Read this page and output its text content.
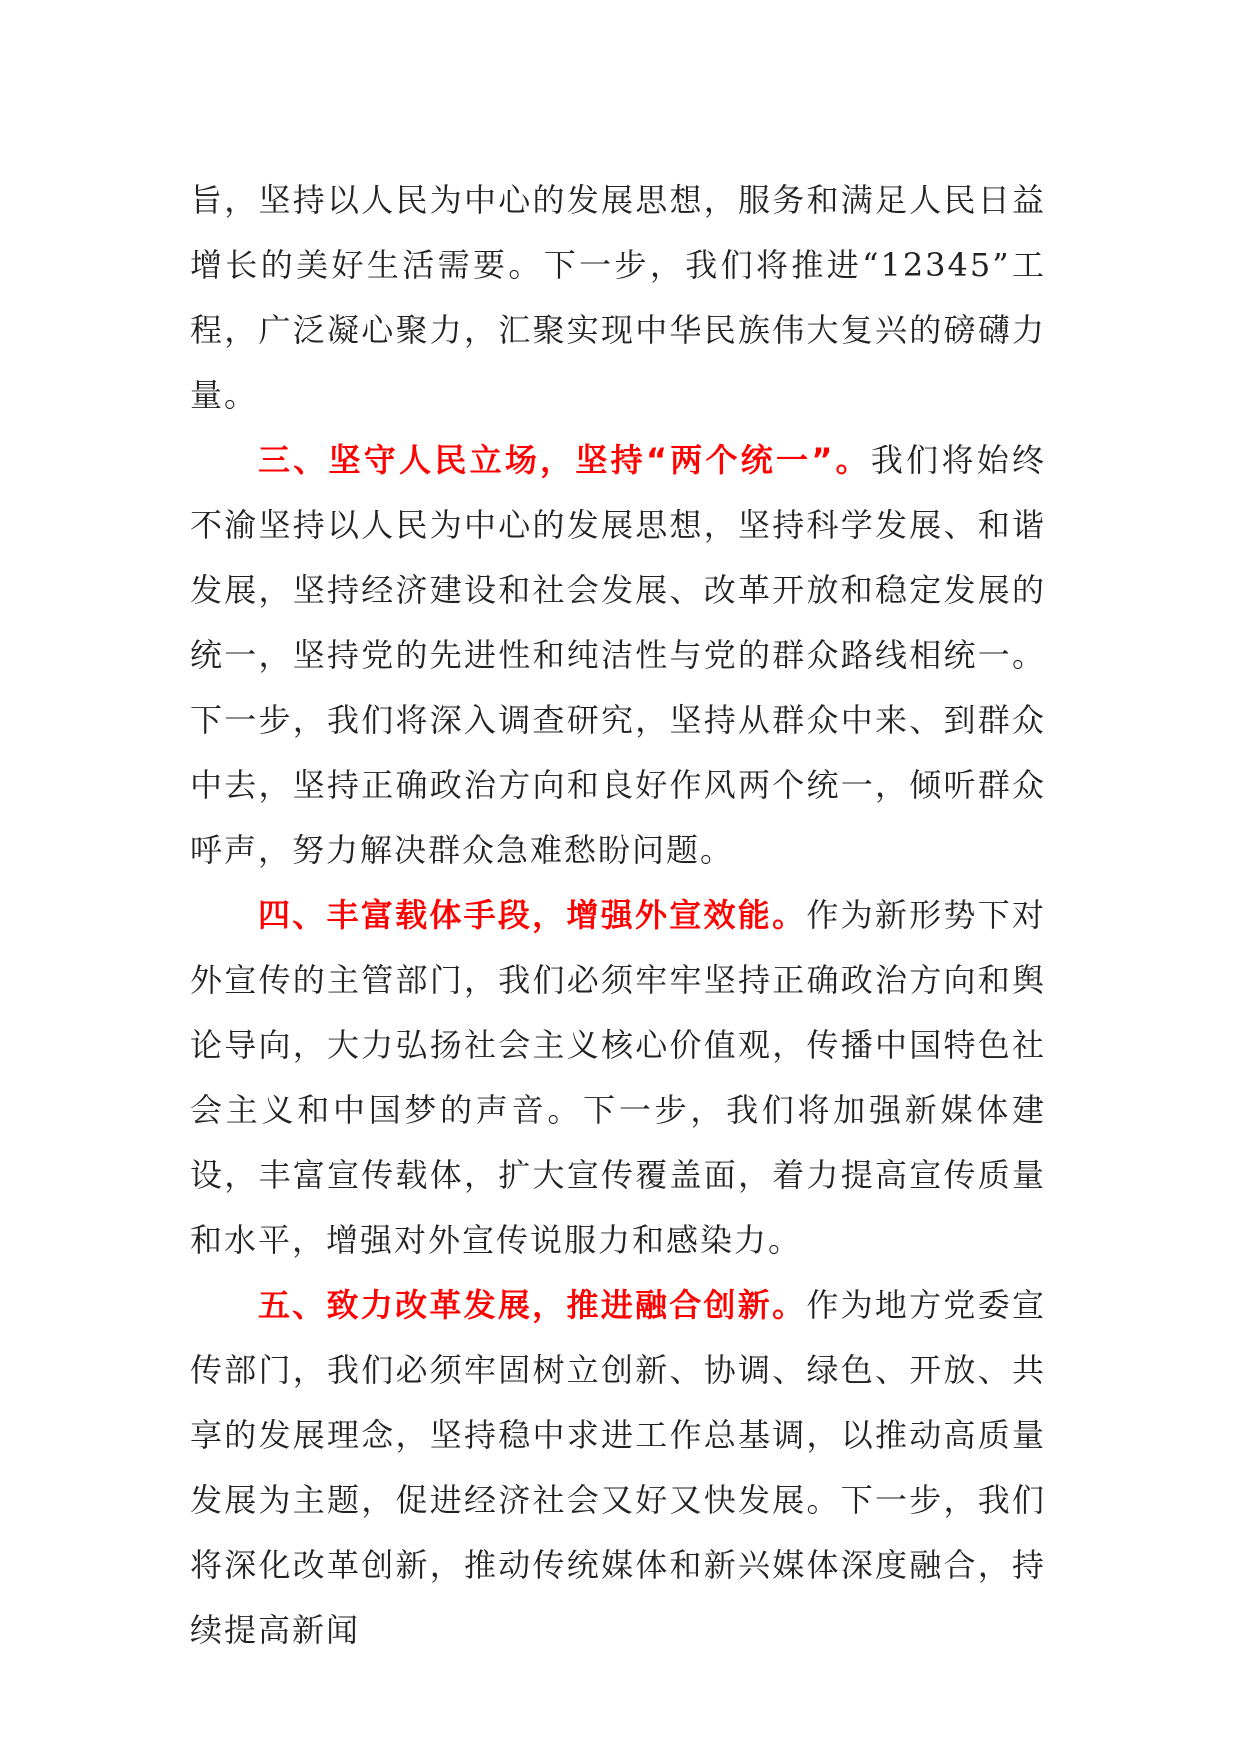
旨，坚持以人民为中心的发展思想，服务和满足人民日益增长的美好生活需要。下一步，我们将推进“12345”工程，广泛凝心聚力，汇聚实现中华民族伟大复兴的磅礴力量。

三、坚守人民立场，坚持“两个统一”。我们将始终不渝坚持以人民为中心的发展思想，坚持科学发展、和谐发展，坚持经济建设和社会发展、改革开放和稳定发展的统一，坚持党的先进性和纯洁性与党的群众路线相统一。下一步，我们将深入调查研究，坚持从群众中来、到群众中去，坚持正确政治方向和良好作风两个统一，倾听群众呼声，努力解决群众急难愁盼问题。

四、丰富载体手段，增强外宣效能。作为新形势下对外宣传的主管部门，我们必须牢牢坚持正确政治方向和舆论导向，大力弘扬社会主义核心价值观，传播中国特色社会主义和中国梦的声音。下一步，我们将加强新媒体建设，丰富宣传载体，扩大宣传覆盖面，着力提高宣传质量和水平，增强对外宣传说服力和感染力。

五、致力改革发展，推进融合创新。作为地方党委宣传部门，我们必须牢固树立创新、协调、绿色、开放、共享的发展理念，坚持稳中求进工作总基调，以推动高质量发展为主题，促进经济社会又好又快发展。下一步，我们将深化改革创新，推动传统媒体和新兴媒体深度融合，持续提高新闻
